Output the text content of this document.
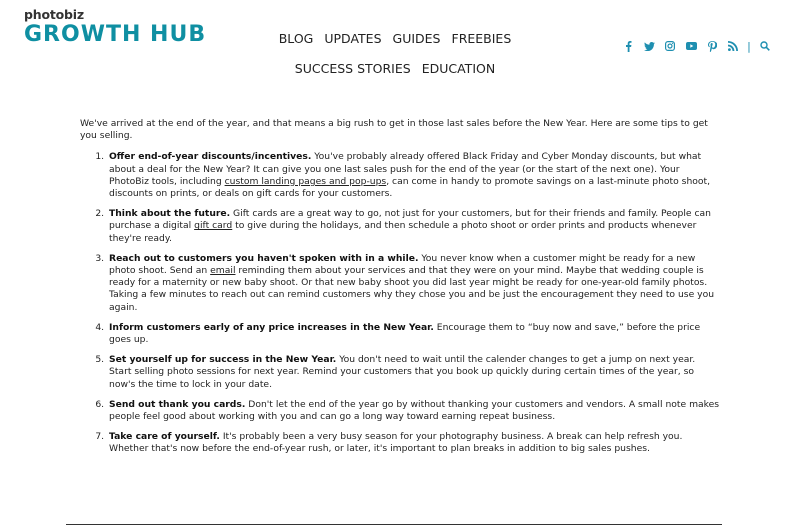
photobiz
GROWTH HUB	BLOG UPDATES GUIDES FREEBIES
SUCCESS STORIES EDUCATION
|

We've arrived at the end of the year, and that means a big rush to get in those last sales before the New Year. Here are some tips to get you selling.

1. Offer end-of-year discounts/incentives. You've probably already offered Black Friday and Cyber Monday discounts, but what about a deal for the New Year? It can give you one last sales push for the end of the year (or the start of the next one). Your PhotoBiz tools, including custom landing pages and pop-ups, can come in handy to promote savings on a last-minute photo shoot, discounts on prints, or deals on gift cards for your customers.
2. Think about the future. Gift cards are a great way to go, not just for your customers, but for their friends and family. People can purchase a digital gift card to give during the holidays, and then schedule a photo shoot or order prints and products whenever they're ready.
3. Reach out to customers you haven't spoken with in a while. You never know when a customer might be ready for a new photo shoot. Send an email reminding them about your services and that they were on your mind. Maybe that wedding couple is ready for a maternity or new baby shoot. Or that new baby shoot you did last year might be ready for one-year-old family photos. Taking a few minutes to reach out can remind customers why they chose you and be just the encouragement they need to use you again.
4. Inform customers early of any price increases in the New Year. Encourage them to “buy now and save,” before the price goes up.
5. Set yourself up for success in the New Year. You don't need to wait until the calender changes to get a jump on next year. Start selling photo sessions for next year. Remind your customers that you book up quickly during certain times of the year, so now's the time to lock in your date.
6. Send out thank you cards. Don't let the end of the year go by without thanking your customers and vendors. A small note makes people feel good about working with you and can go a long way toward earning repeat business.
7. Take care of yourself. It's probably been a very busy season for your photography business. A break can help refresh you. Whether that's now before the end-of-year rush, or later, it's important to plan breaks in addition to big sales pushes.
